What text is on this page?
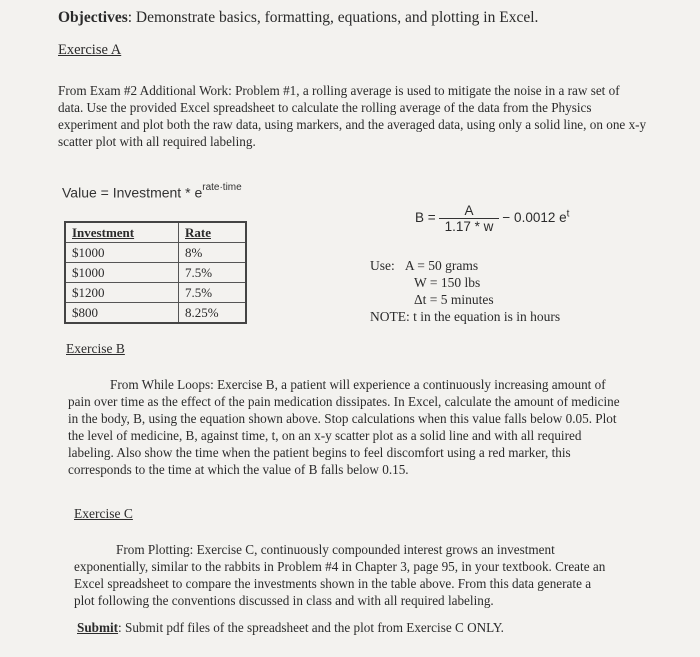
Objectives: Demonstrate basics, formatting, equations, and plotting in Excel.
Exercise A
From Exam #2 Additional Work: Problem #1, a rolling average is used to mitigate the noise in a raw set of data. Use the provided Excel spreadsheet to calculate the rolling average of the data from the Physics experiment and plot both the raw data, using markers, and the averaged data, using only a solid line, on one x-y scatter plot with all required labeling.
Value = Investment * $e^{rate\cdot time}$
Investment	Rate
$1000	8%
$1000	7.5%
$1200	7.5%
$800	8.25%
$B = \frac{A}{1.17 * w} - 0.0012$ $e^t$
Use: A = 50 grams
W = 150 lbs
Δt = 5 minutes
NOTE: t in the equation is in hours
Exercise B
From While Loops: Exercise B, a patient will experience a continuously increasing amount of pain over time as the effect of the pain medication dissipates. In Excel, calculate the amount of medicine in the body, B, using the equation shown above. Stop calculations when this value falls below 0.05. Plot the level of medicine, B, against time, t, on an x-y scatter plot as a solid line and with all required labeling. Also show the time when the patient begins to feel discomfort using a red marker, this corresponds to the time at which the value of B falls below 0.15.
Exercise C
From Plotting: Exercise C, continuously compounded interest grows an investment exponentially, similar to the rabbits in Problem #4 in Chapter 3, page 95, in your textbook. Create an Excel spreadsheet to compare the investments shown in the table above. From this data generate a plot following the conventions discussed in class and with all required labeling.
Submit: Submit pdf files of the spreadsheet and the plot from Exercise C ONLY.
